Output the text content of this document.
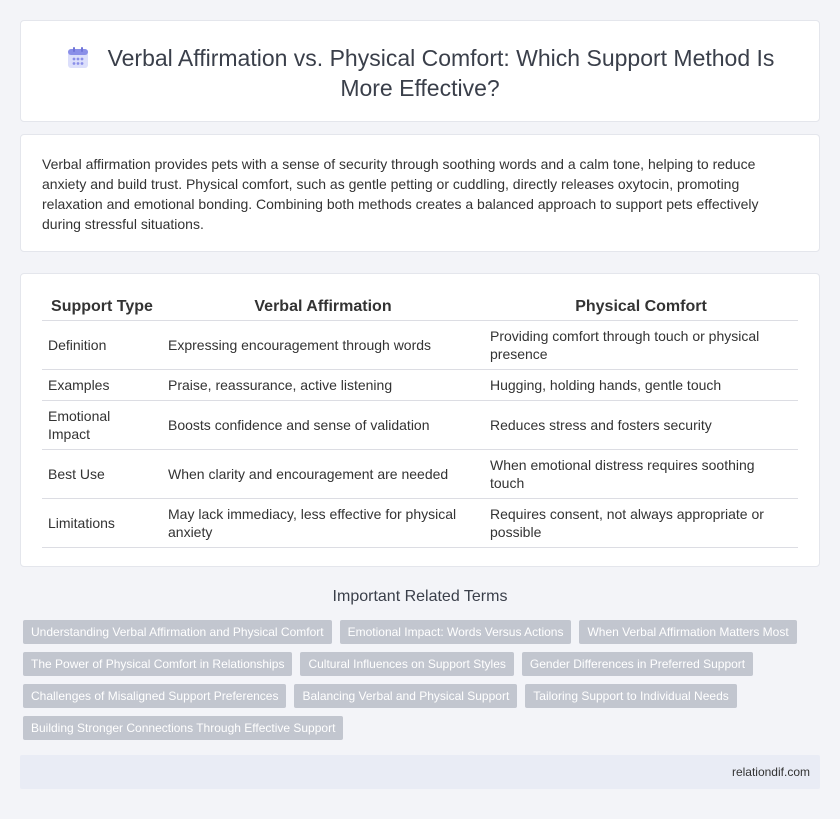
Verbal Affirmation vs. Physical Comfort: Which Support Method Is More Effective?

Verbal affirmation provides pets with a sense of security through soothing words and a calm tone, helping to reduce anxiety and build trust. Physical comfort, such as gentle petting or cuddling, directly releases oxytocin, promoting relaxation and emotional bonding. Combining both methods creates a balanced approach to support pets effectively during stressful situations.

Support Type	Verbal Affirmation	Physical Comfort
Definition	Expressing encouragement through words	Providing comfort through touch or physical presence
Examples	Praise, reassurance, active listening	Hugging, holding hands, gentle touch
Emotional Impact	Boosts confidence and sense of validation	Reduces stress and fosters security
Best Use	When clarity and encouragement are needed	When emotional distress requires soothing touch
Limitations	May lack immediacy, less effective for physical anxiety	Requires consent, not always appropriate or possible
Important Related Terms
Understanding Verbal Affirmation and Physical Comfort	Emotional Impact: Words Versus Actions	When Verbal Affirmation Matters Most
The Power of Physical Comfort in Relationships	Cultural Influences on Support Styles	Gender Differences in Preferred Support
Challenges of Misaligned Support Preferences	Balancing Verbal and Physical Support	Tailoring Support to Individual Needs
Building Stronger Connections Through Effective Support
relationdif.com
